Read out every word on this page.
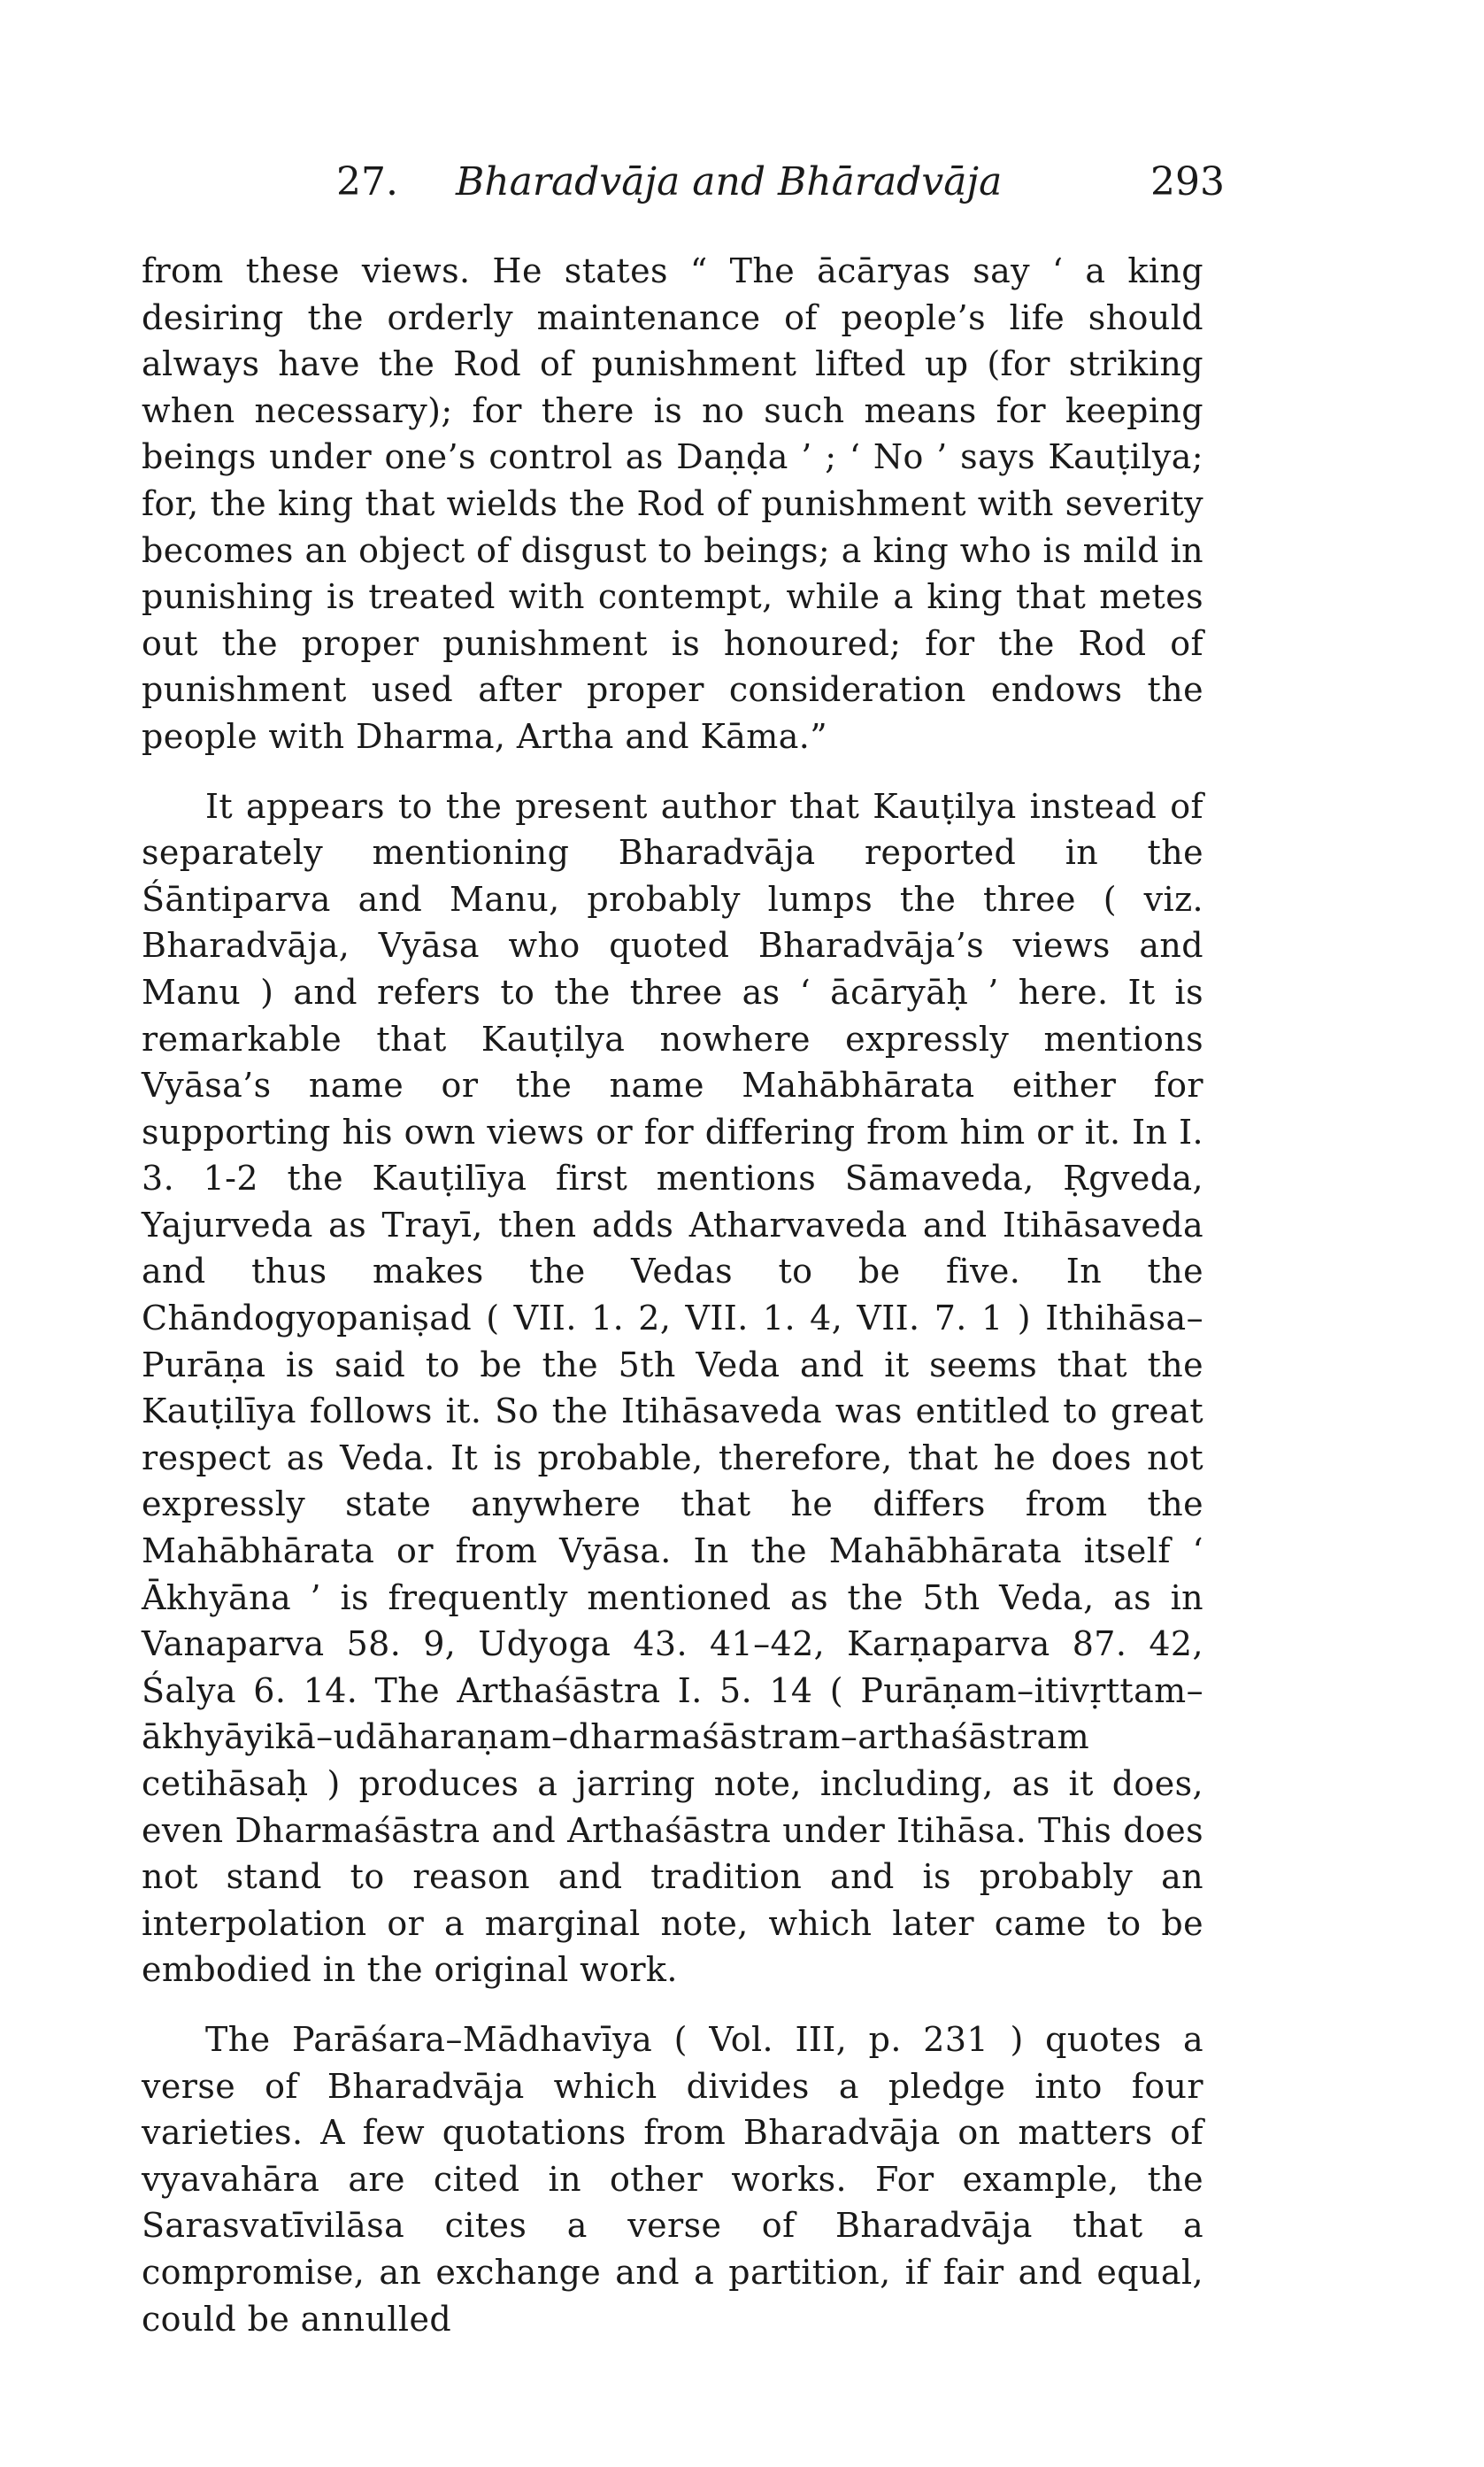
27. Bharadvāja and Bhāradvāja	293

from these views. He states “ The ācāryas say ‘ a king desiring the orderly maintenance of people’s life should always have the Rod of punishment lifted up (for striking when necessary); for there is no such means for keeping beings under one’s control as Daṇḍa ’ ; ‘ No ’ says Kauṭilya; for, the king that wields the Rod of punishment with severity becomes an object of disgust to beings; a king who is mild in punishing is treated with contempt, while a king that metes out the proper punishment is honoured; for the Rod of punishment used after proper consideration endows the people with Dharma, Artha and Kāma.”

It appears to the present author that Kauṭilya instead of separately mentioning Bharadvāja reported in the Śāntiparva and Manu, probably lumps the three ( viz. Bharadvāja, Vyāsa who quoted Bharadvāja’s views and Manu ) and refers to the three as ‘ ācāryāḥ ’ here. It is remarkable that Kauṭilya nowhere expressly mentions Vyāsa’s name or the name Mahābhārata either for supporting his own views or for differing from him or it. In I. 3. 1-2 the Kauṭilīya first mentions Sāmaveda, Ṛgveda, Yajurveda as Trayī, then adds Atharvaveda and Itihāsaveda and thus makes the Vedas to be five. In the Chāndogyopaniṣad ( VII. 1. 2, VII. 1. 4, VII. 7. 1 ) Ithihāsa–Purāṇa is said to be the 5th Veda and it seems that the Kauṭilīya follows it. So the Itihāsaveda was entitled to great respect as Veda. It is probable, therefore, that he does not expressly state anywhere that he differs from the Mahābhārata or from Vyāsa. In the Mahābhārata itself ‘ Ākhyāna ’ is frequently mentioned as the 5th Veda, as in Vanaparva 58. 9, Udyoga 43. 41–42, Karṇaparva 87. 42, Śalya 6. 14. The Arthaśāstra I. 5. 14 ( Purāṇam–itivṛttam–ākhyāyikā–udāharaṇam–dharmaśāstram–arthaśāstram cetihāsaḥ ) produces a jarring note, including, as it does, even Dharmaśāstra and Arthaśāstra under Itihāsa. This does not stand to reason and tradition and is probably an interpolation or a marginal note, which later came to be embodied in the original work.

The Parāśara–Mādhavīya ( Vol. III, p. 231 ) quotes a verse of Bharadvāja which divides a pledge into four varieties. A few quotations from Bharadvāja on matters of vyavahāra are cited in other works. For example, the Sarasvatīvilāsa cites a verse of Bharadvāja that a compromise, an exchange and a partition, if fair and equal, could be annulled
